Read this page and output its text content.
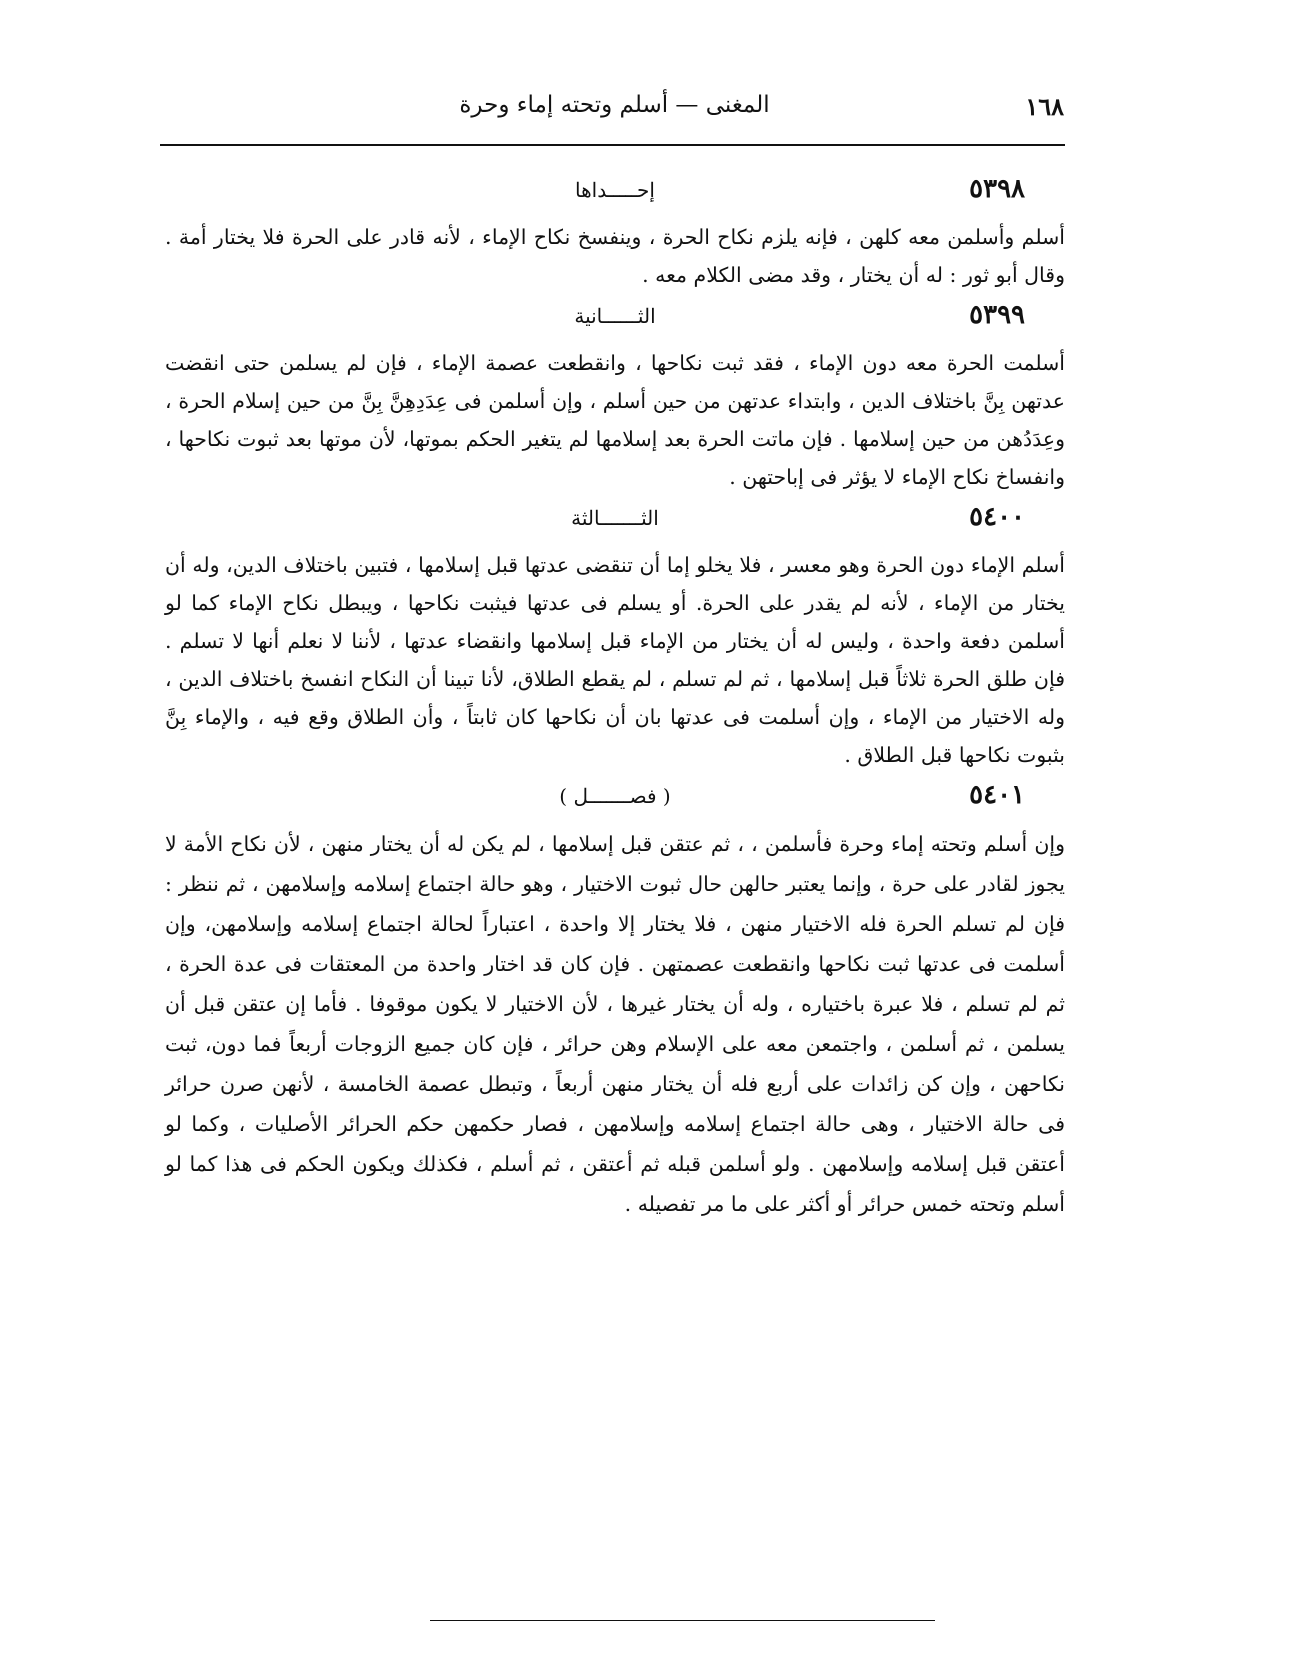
١٦٨
المغنى — أسلم وتحته إماء وحرة
٥٣٩٨
إحـــــداها

أسلم وأسلمن معه كلهن ، فإنه يلزم نكاح الحرة ، وينفسخ نكاح الإماء ، لأنه قادر على الحرة فلا يختار أمة . وقال أبو ثور : له أن يختار ، وقد مضى الكلام معه .

٥٣٩٩
الثــــــانية

أسلمت الحرة معه دون الإماء ، فقد ثبت نكاحها ، وانقطعت عصمة الإماء ، فإن لم يسلمن حتى انقضت عدتهن بِنَّ باختلاف الدين ، وابتداء عدتهن من حين أسلم ، وإن أسلمن فى عِدَدِهِنَّ بِنَّ من حين إسلام الحرة ، وعِدَدُهن من حين إسلامها . فإن ماتت الحرة بعد إسلامها لم يتغير الحكم بموتها، لأن موتها بعد ثبوت نكاحها ، وانفساخ نكاح الإماء لا يؤثر فى إباحتهن .

٥٤٠٠
الثـــــــالثة

أسلم الإماء دون الحرة وهو معسر ، فلا يخلو إما أن تنقضى عدتها قبل إسلامها ، فتبين باختلاف الدين، وله أن يختار من الإماء ، لأنه لم يقدر على الحرة. أو يسلم فى عدتها فيثبت نكاحها ، ويبطل نكاح الإماء كما لو أسلمن دفعة واحدة ، وليس له أن يختار من الإماء قبل إسلامها وانقضاء عدتها ، لأننا لا نعلم أنها لا تسلم . فإن طلق الحرة ثلاثاً قبل إسلامها ، ثم لم تسلم ، لم يقطع الطلاق، لأنا تبينا أن النكاح انفسخ باختلاف الدين ، وله الاختيار من الإماء ، وإن أسلمت فى عدتها بان أن نكاحها كان ثابتاً ، وأن الطلاق وقع فيه ، والإماء بِنَّ بثبوت نكاحها قبل الطلاق .

٥٤٠١
( فصـــــــل )

وإن أسلم وتحته إماء وحرة فأسلمن ، ، ثم عتقن قبل إسلامها ، لم يكن له أن يختار منهن ، لأن نكاح الأمة لا يجوز لقادر على حرة ، وإنما يعتبر حالهن حال ثبوت الاختيار ، وهو حالة اجتماع إسلامه وإسلامهن ، ثم ننظر : فإن لم تسلم الحرة فله الاختيار منهن ، فلا يختار إلا واحدة ، اعتباراً لحالة اجتماع إسلامه وإسلامهن، وإن أسلمت فى عدتها ثبت نكاحها وانقطعت عصمتهن . فإن كان قد اختار واحدة من المعتقات فى عدة الحرة ، ثم لم تسلم ، فلا عبرة باختياره ، وله أن يختار غيرها ، لأن الاختيار لا يكون موقوفا . فأما إن عتقن قبل أن يسلمن ، ثم أسلمن ، واجتمعن معه على الإسلام وهن حرائر ، فإن كان جميع الزوجات أربعاً فما دون، ثبت نكاحهن ، وإن كن زائدات على أربع فله أن يختار منهن أربعاً ، وتبطل عصمة الخامسة ، لأنهن صرن حرائر فى حالة الاختيار ، وهى حالة اجتماع إسلامه وإسلامهن ، فصار حكمهن حكم الحرائر الأصليات ، وكما لو أعتقن قبل إسلامه وإسلامهن . ولو أسلمن قبله ثم أعتقن ، ثم أسلم ، فكذلك ويكون الحكم فى هذا كما لو أسلم وتحته خمس حرائر أو أكثر على ما مر تفصيله .
